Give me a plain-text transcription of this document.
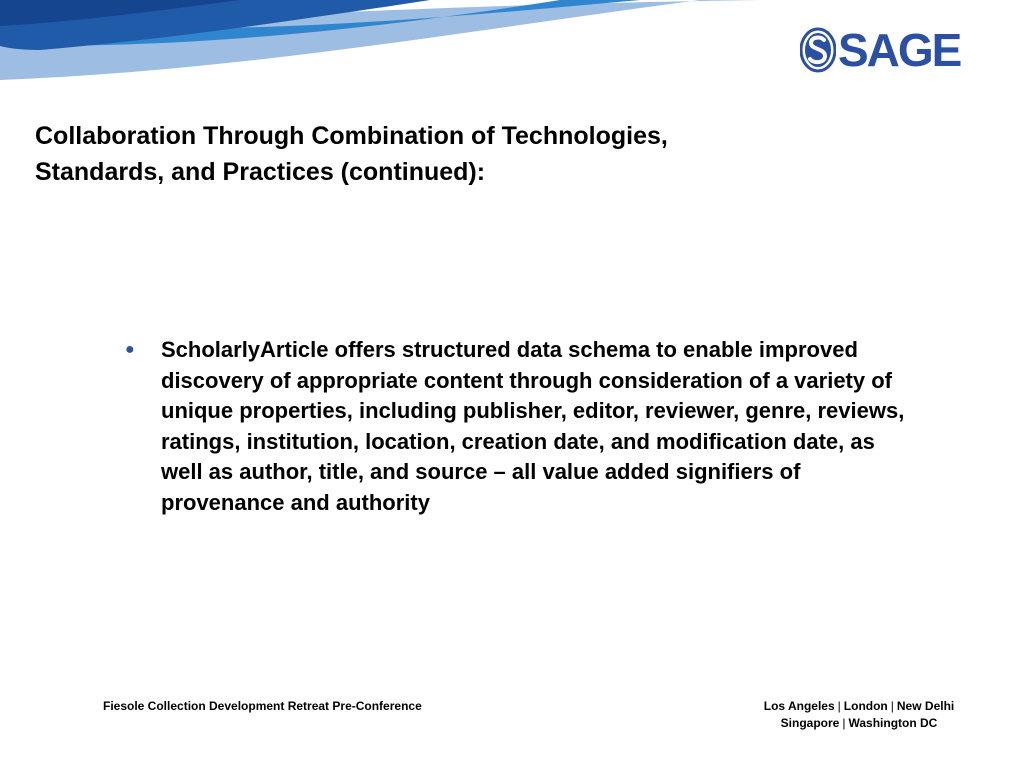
SAGE
Collaboration Through Combination of Technologies,
Standards, and Practices (continued):
●	ScholarlyArticle offers structured data schema to enable improved discovery of appropriate content through consideration of a variety of unique properties, including publisher, editor, reviewer, genre, reviews, ratings, institution, location, creation date, and modification date, as well as author, title, and source – all value added signifiers of provenance and authority
Fiesole Collection Development Retreat Pre-Conference	Los Angeles | London | New Delhi
Singapore | Washington DC
